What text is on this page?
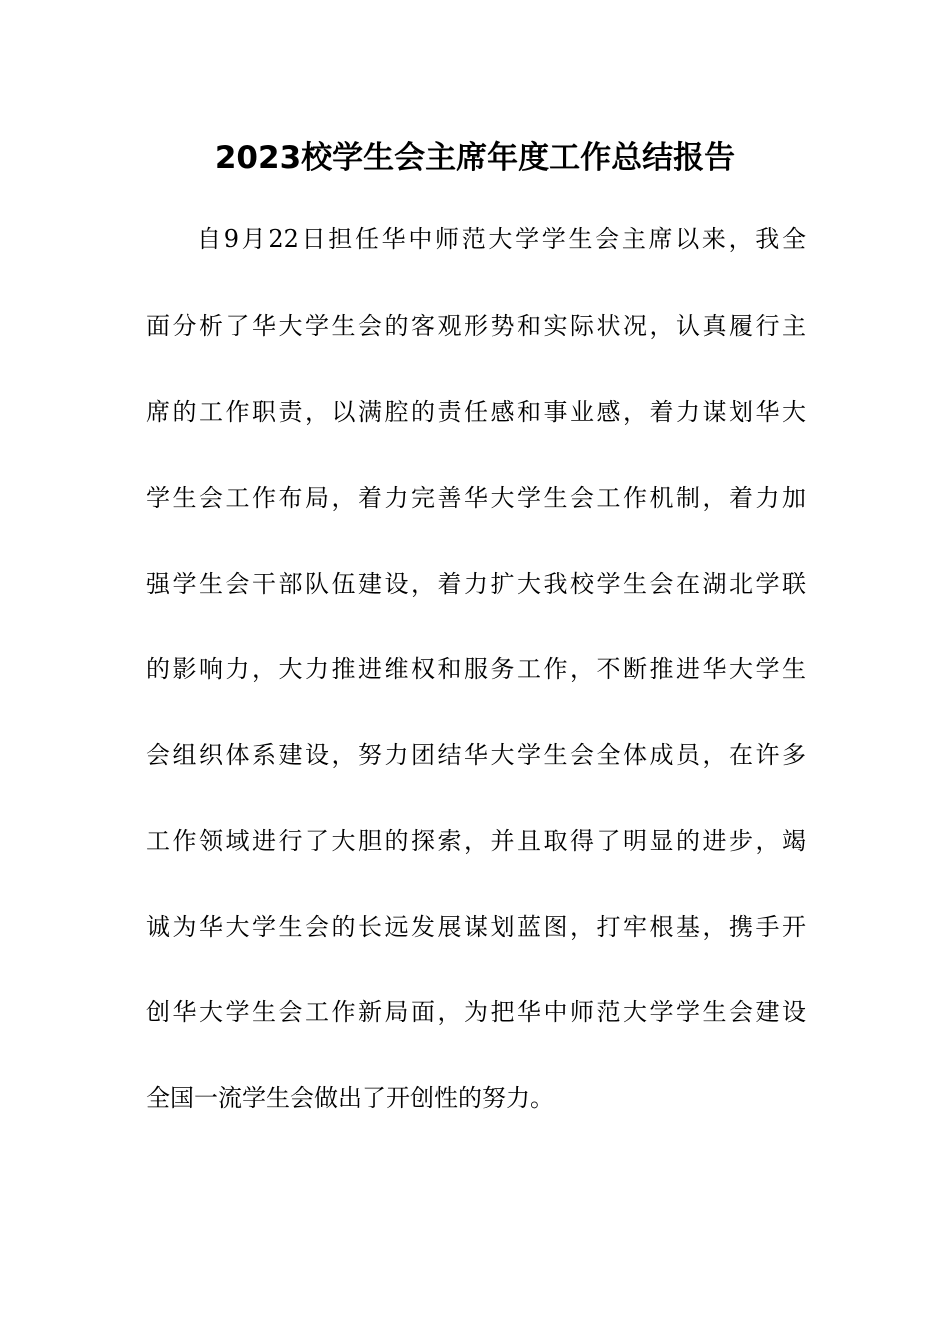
2023校学生会主席年度工作总结报告
自9月22日担任华中师范大学学生会主席以来，我全
面分析了华大学生会的客观形势和实际状况，认真履行主
席的工作职责，以满腔的责任感和事业感，着力谋划华大
学生会工作布局，着力完善华大学生会工作机制，着力加
强学生会干部队伍建设，着力扩大我校学生会在湖北学联
的影响力，大力推进维权和服务工作，不断推进华大学生
会组织体系建设，努力团结华大学生会全体成员，在许多
工作领域进行了大胆的探索，并且取得了明显的进步，竭
诚为华大学生会的长远发展谋划蓝图，打牢根基，携手开
创华大学生会工作新局面，为把华中师范大学学生会建设
全国一流学生会做出了开创性的努力。
